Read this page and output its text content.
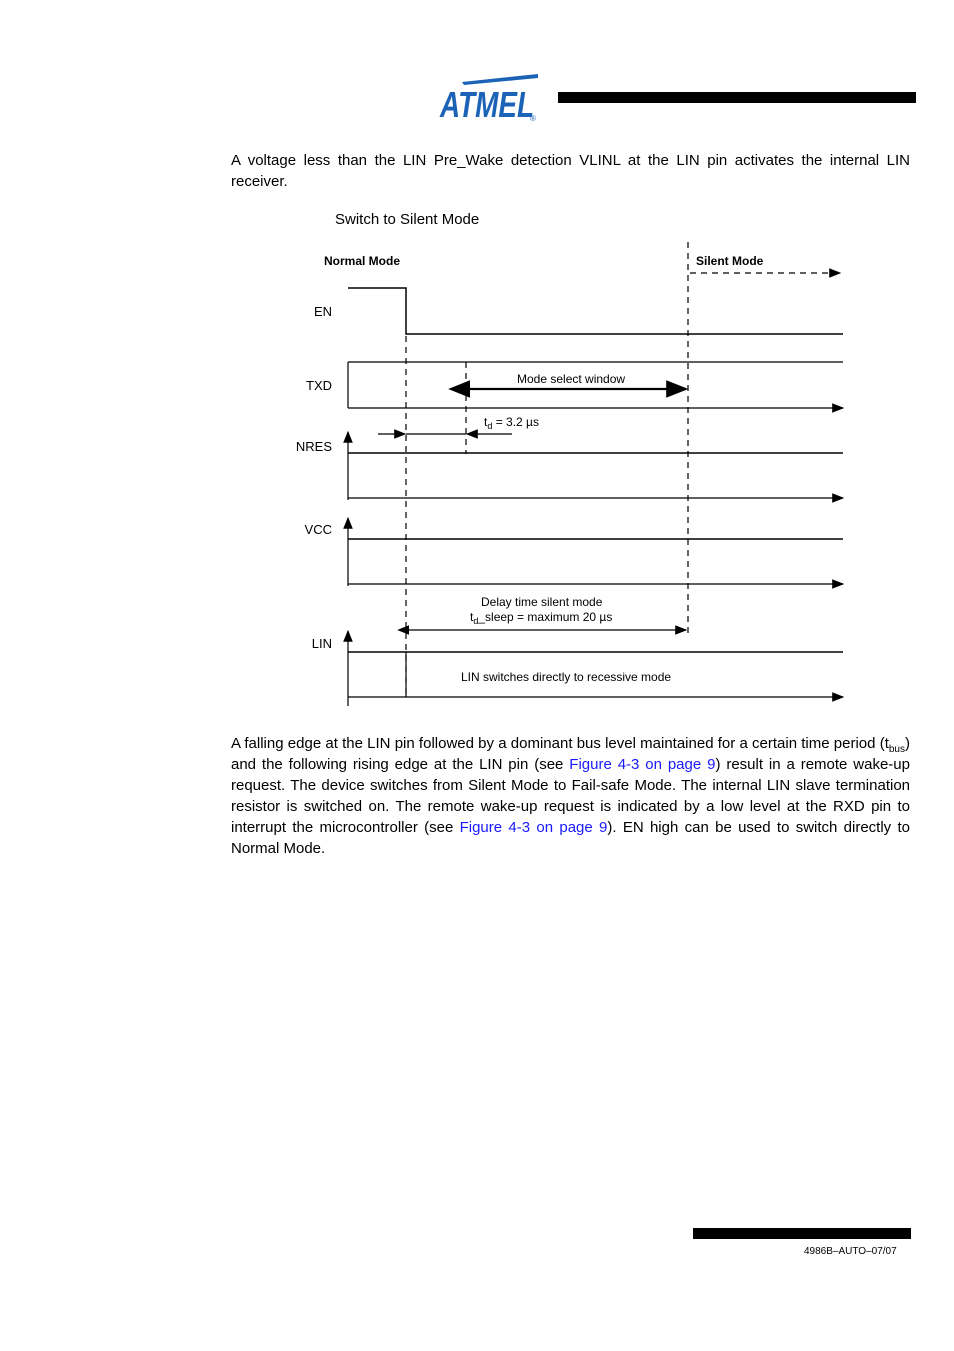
ATMEL
®

A voltage less than the LIN Pre_Wake detection VLINL at the LIN pin activates the internal LIN receiver.

Switch to Silent Mode
Normal Mode	Silent Mode
EN
TXD
NRES
VCC
LIN
Mode select window
$t_d = 3.2$ µs
Delay time silent mode
$t_d\_sleep$ = maximum 20 µs
LIN switches directly to recessive mode

A falling edge at the LIN pin followed by a dominant bus level maintained for a certain time period $(t_{bus})$ and the following rising edge at the LIN pin (see Figure 4-3 on page 9) result in a remote wake-up request. The device switches from Silent Mode to Fail-safe Mode. The internal LIN slave termination resistor is switched on. The remote wake-up request is indicated by a low level at the RXD pin to interrupt the microcontroller (see Figure 4-3 on page 9). EN high can be used to switch directly to Normal Mode.

4986B–AUTO–07/07
